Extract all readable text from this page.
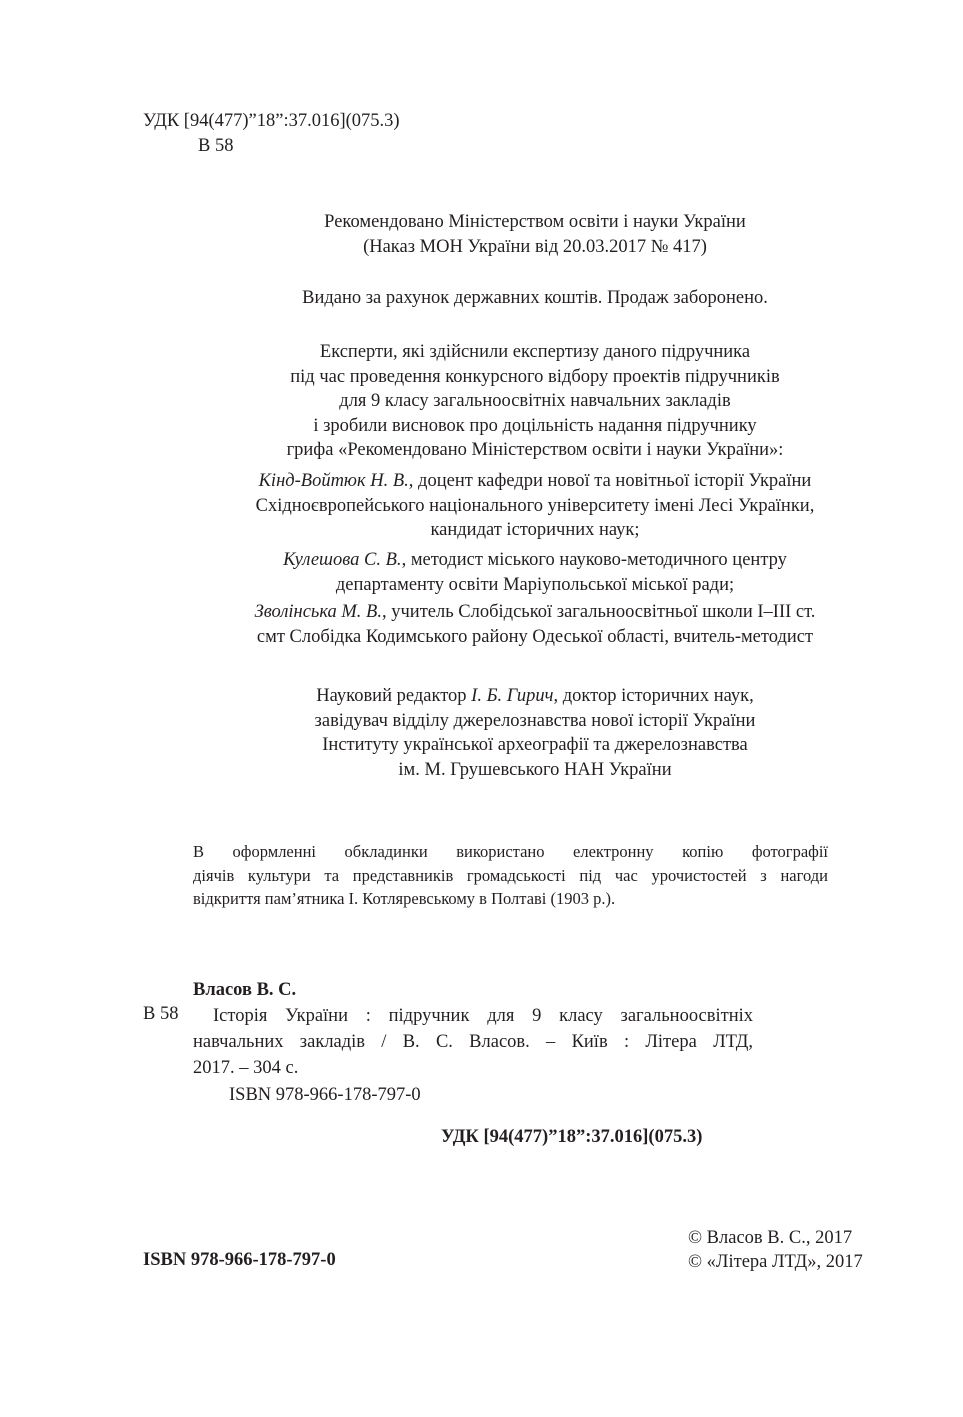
УДК [94(477)”18”:37.016](075.3)
В 58
Рекомендовано Міністерством освіти і науки України
(Наказ МОН України від 20.03.2017 № 417)
Видано за рахунок державних коштів. Продаж заборонено.
Експерти, які здійснили експертизу даного підручника
під час проведення конкурсного відбору проектів підручників
для 9 класу загальноосвітніх навчальних закладів
і зробили висновок про доцільність надання підручнику
грифа «Рекомендовано Міністерством освіти і науки України»:
Кінд-Войтюк Н. В., доцент кафедри нової та новітньої історії України
Східноєвропейського національного університету імені Лесі Українки,
кандидат історичних наук;
Кулешова С. В., методист міського науково-методичного центру
департаменту освіти Маріупольської міської ради;
Зволінська М. В., учитель Слобідської загальноосвітньої школи І–ІІІ ст.
смт Слобідка Кодимського району Одеської області, вчитель-методист
Науковий редактор І. Б. Гирич, доктор історичних наук,
завідувач відділу джерелознавства нової історії України
Інституту української археографії та джерелознавства
ім. М. Грушевського НАН України
В оформленні обкладинки використано електронну копію фотографії
діячів культури та представників громадськості під час урочистостей з нагоди
відкриття пам’ятника І. Котляревському в Полтаві (1903 р.).
Власов В. С.
В 58	Історія України : підручник для 9 класу загальноосвітніх
навчальних закладів / В. С. Власов. – Київ : Літера ЛТД,
2017. – 304 с.
ISBN 978-966-178-797-0
УДК [94(477)”18”:37.016](075.3)
ISBN 978-966-178-797-0
© Власов В. С., 2017
© «Літера ЛТД», 2017
